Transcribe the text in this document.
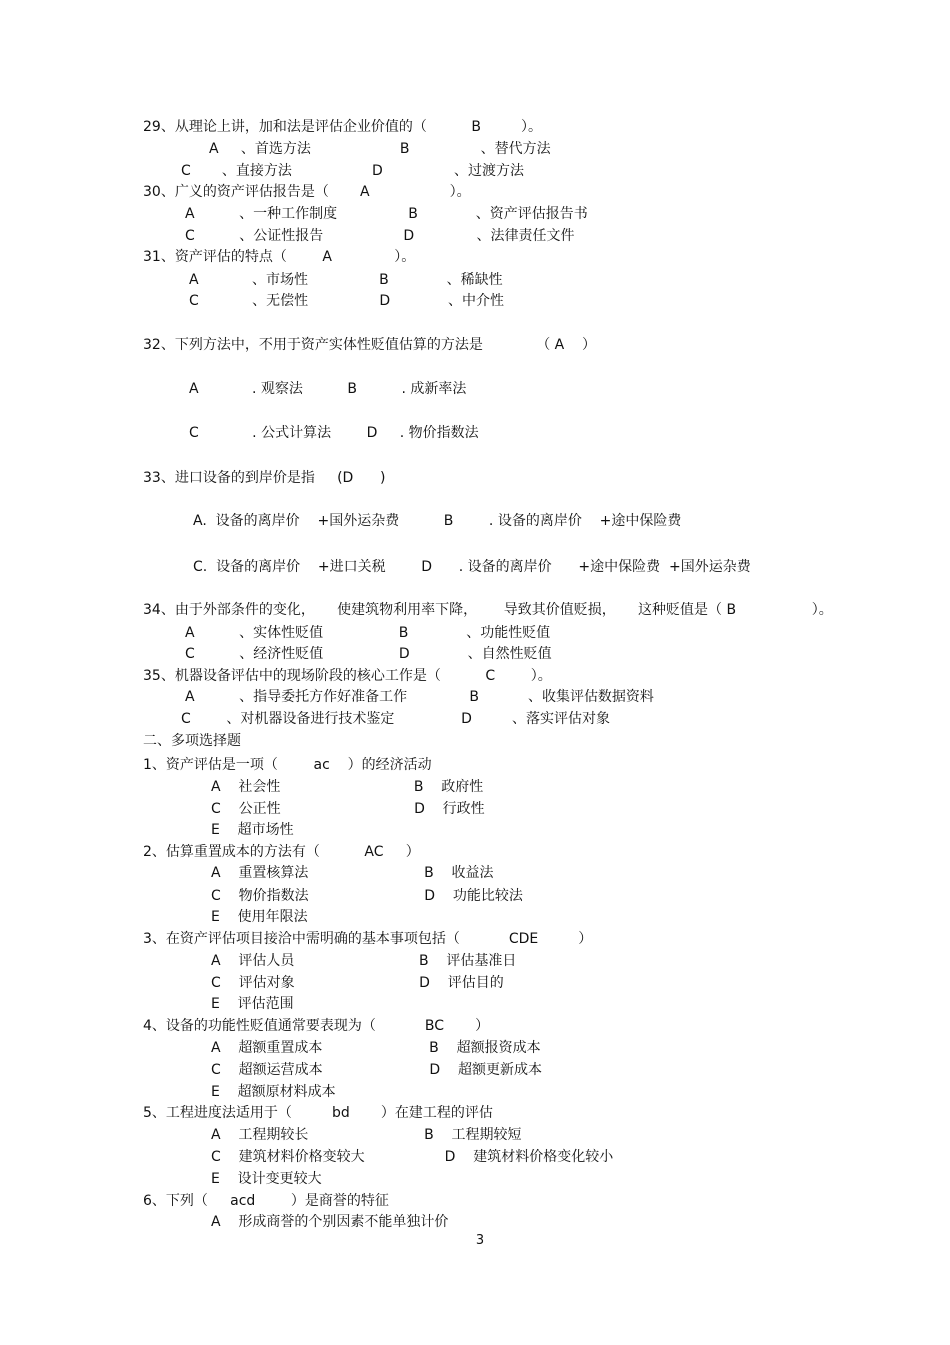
29、从理论上讲，加和法是评估企业价值的（          B         ）。
A     、首选方法                    B                、替代方法
C       、直接方法                  D                、过渡方法
30、广义的资产评估报告是（       A                  ）。
A          、一种工作制度                B             、资产评估报告书
C          、公证性报告                  D              、法律责任文件
31、资产评估的特点（        A              ）。
A            、市场性                B             、稀缺性
C            、无偿性                D             、中介性
32、下列方法中，不用于资产实体性贬值估算的方法是            （ A    ）
A            . 观察法          B          . 成新率法
C            . 公式计算法        D     . 物价指数法
33、进口设备的到岸价是指     (D      )
A.  设备的离岸价    +国外运杂费          B        . 设备的离岸价    +途中保险费
C.  设备的离岸价    +进口关税        D      . 设备的离岸价      +途中保险费  +国外运杂费
34、由于外部条件的变化，     使建筑物利用率下降，      导致其价值贬损，     这种贬值是（ B                 ）。
A          、实体性贬值                 B             、功能性贬值
C          、经济性贬值                 D             、自然性贬值
35、机器设备评估中的现场阶段的核心工作是（          C        ）。
A          、指导委托方作好准备工作              B           、收集评估数据资料
C        、对机器设备进行技术鉴定               D         、落实评估对象
二、多项选择题
1、资产评估是一项（        ac    ）的经济活动
A    社会性                              B    政府性
C    公正性                              D    行政性
E    超市场性
2、估算重置成本的方法有（          AC     ）
A    重置核算法                          B    收益法
C    物价指数法                          D    功能比较法
E    使用年限法
3、在资产评估项目接洽中需明确的基本事项包括（           CDE         ）
A    评估人员                            B    评估基准日
C    评估对象                            D    评估目的
E    评估范围
4、设备的功能性贬值通常要表现为（           BC       ）
A    超额重置成本                        B    超额报资成本
C    超额运营成本                        D    超额更新成本
E    超额原材料成本
5、工程进度法适用于（         bd       ）在建工程的评估
A    工程期较长                          B    工程期较短
C    建筑材料价格变较大                  D    建筑材料价格变化较小
E    设计变更较大
6、下列（     acd        ）是商誉的特征
A    形成商誉的个别因素不能单独计价
3
